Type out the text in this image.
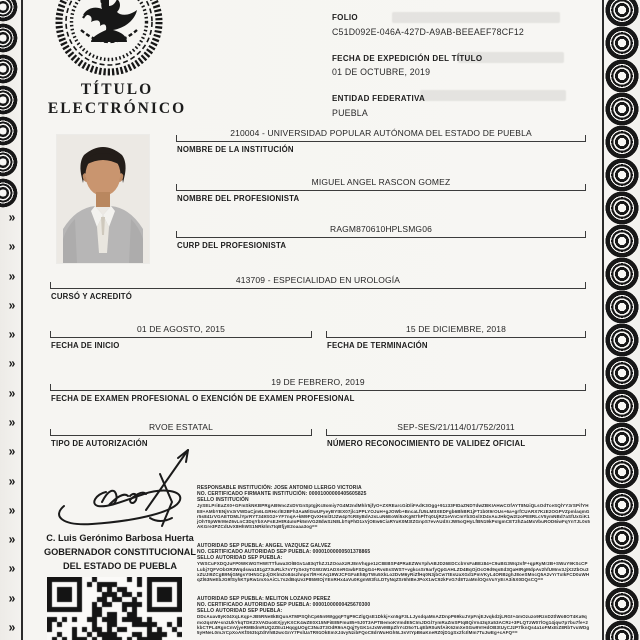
»
»
»
»
»
»
»
»
»
»
»
»
»
»
»
TÍTULO
ELECTRÓNICO
FOLIO
C51D092E-046A-427D-A9AB-BEEAEF78CF12
FECHA DE EXPEDICIÓN DEL TÍTULO
01 DE OCTUBRE, 2019
ENTIDAD FEDERATIVA
PUEBLA
210004 - UNIVERSIDAD POPULAR AUTÓNOMA DEL ESTADO DE PUEBLA
NOMBRE DE LA INSTITUCIÓN
MIGUEL ANGEL RASCON GOMEZ
NOMBRE DEL PROFESIONISTA
RAGM870610HPLSMG06
CURP DEL PROFESIONISTA
413709 - ESPECIALIDAD EN UROLOGÍA
CURSÓ Y ACREDITÓ
01 DE AGOSTO, 2015
FECHA DE INICIO
15 DE DICIEMBRE, 2018
FECHA DE TERMINACIÓN
19 DE FEBRERO, 2019
FECHA DE EXAMEN PROFESIONAL O EXENCIÓN DE EXAMEN PROFESIONAL
RVOE ESTATAL
TIPO DE AUTORIZACIÓN
SEP-SES/21/114/01/752/2011
NÚMERO RECONOCIMIENTO DE VALIDEZ OFICIAL
C. Luis Gerónimo Barbosa Huerta
GOBERNADOR CONSTITUCIONAL
DEL ESTADO DE PUEBLA
RESPONSABLE INSTITUCIÓN: JOSE ANTONIO LLERGO VICTORIA
NO. CERTIFICADO FIRMANTE INSTITUCIÓN: 00001000000405605825
SELLO INSTITUCIÓN
JySELPriEaZX0+GFmSkNKBPRgAB9mcZxDVGnSptgjKc8omiy7G4M2ndMhlr5jfyO+ZXREarcGiDliFAdK3Ogg+91z33FIDaZNDTdwZBKIAHwCOfAYT8NziQLsOdTceSQlYY3rSPifYHE8+AMbYENjVv3rVWDaCjm6LGRHcrlE2BFh3AaMlGwUFyeyBYtEX07jlc1PPLYOJuH+gJOWb+BncaLfU5LMtIXEDFgb6BhBR1jFT1b0t9rOUs+6a+grfCUARX7KzE2OGPVZpmlaqmGr5s841rVGAETDMLlYprRYT349SG2+YF7nqA+kM9FQvXHml3tJZw4pTcR8yBdA2sLuN6EoWi5xKgM7hPfTq0UjRZ1eVnCmYb3GslXD4vAuJHkQw2tzoPE8RLcV5ymNBd7aSfUxGiK1jOhT0pW9rMeZ6vLnC3DqYbXAFsEJHtR4uIoPk5mVG28dwSzN8LbTqFhD1xVjOEw6CiaRYuK0M3tZGnpS7evAUdXrJW5oQHyLfBN19kPsIgmCET2hZa4MxVbuROD6iwFqYnTJL0s5AKGre3PZCdUvX8HhWS1NRkIlm7tqBfjyE2oaaa3og==
AUTORIDAD SEP PUEBLA: ANGEL VAZQUEZ GALVEZ
NO. CERTIFICADO AUTORIDAD SEP PUEBLA: 00001000000501378865
SELLO AUTORIDAD SEP PUEBLA:
YWSCuFXDQJuFP0WKWGTHWtTTfuwa3OlBGv1a83qThZJ1ZOoaXzRJ8nVhqpe1zC8EBSP4PRaEZWsYphABJD26EDCcbVsFaBEz84+C9uBG3Wq2sfF+qpRyMr2B+SWuY9KScCPLubj7QFVObOR3Wqdswa181gZ73uRLk7sYTySe3yTGWzW1ADXeRGwbFSDgG4+RvsEsSWST+vgkcsSr9arfyQpGAHLZD4BqOjOcO9d9qsEd3QaHIRgMdpAv2hfUMnv3JjX2ZbOu3xZUJI9ZCgB9NjGMgsYtHN1CpJjOKlmZo84szhnps7lR+KAq19WJCFGFaEh8pTWu5XkLo2DvM6yRiZfHq0N3jbCw7tEsUaXGd1PmVKyL4ORBzghJ8oeSMncQ5A2vYrTxIkFCD0uWHqZl63NeEbJG9fSyhKTpRw1mXoAiCL7s2dBqUvzP85MtOjYEnRHx4aVu0KgmW3fcLDTyNqZSr6hIBeJPoX1wC92kFvG7d8TzaMnlOQsVuYyErA3i5X0DQsCQ==
AUTORIDAD SEP PUEBLA: MELITON LOZANO PEREZ
NO. CERTIFICADO AUTORIDAD SEP PUEBLA: 00001000000425670300
SELLO AUTORIDAD SEP PUEBLA:
DDcAuav8yK04XqLKqp+JB5RNe8kBQunATMPSQhCp65n9WggqFTgP9CZlgQsE1Dkkj+xn5gF3LLJysdqaMnAZDnpP69kuJVpFnjEJvqkd2jLRGt+4mOzuzo9RznD2tlWo8OT4Ka9qmo2qsIW+sn2UkYkqTDKZXVADuoEXjyyKXCK4wZE0X15NFiE85Fmu85+5J0T3APTBemoKVmdE5CImJDGl7ymRaZmSPtqBQiVn43qXa53ACRz+3PLQTzW07lOg14jqw7p7bu7fe+2kbCTPL4RgnCmVjyeRMBdmRUQ2ZEu1HqqgUOgC3Nu3T3OdR9nAQqjTyGK1sJxWvM8pZhYcD5oTLqEbR0uNfAiK62mXeSGw9VrHdOB3tUyCJzP7lknQs4a1oFMxEiZ8RbTvuWDg5yHNeL0mJrCpXoAKfS63tqZdIVhB2wcGnY7PslUaTR91OkEmXJ4vyNzibFQoC8drWuHGh5L3sVtYpB6aKneRZ0jD1gSx2fcIlMm7TuJwEg+cAFQ==
